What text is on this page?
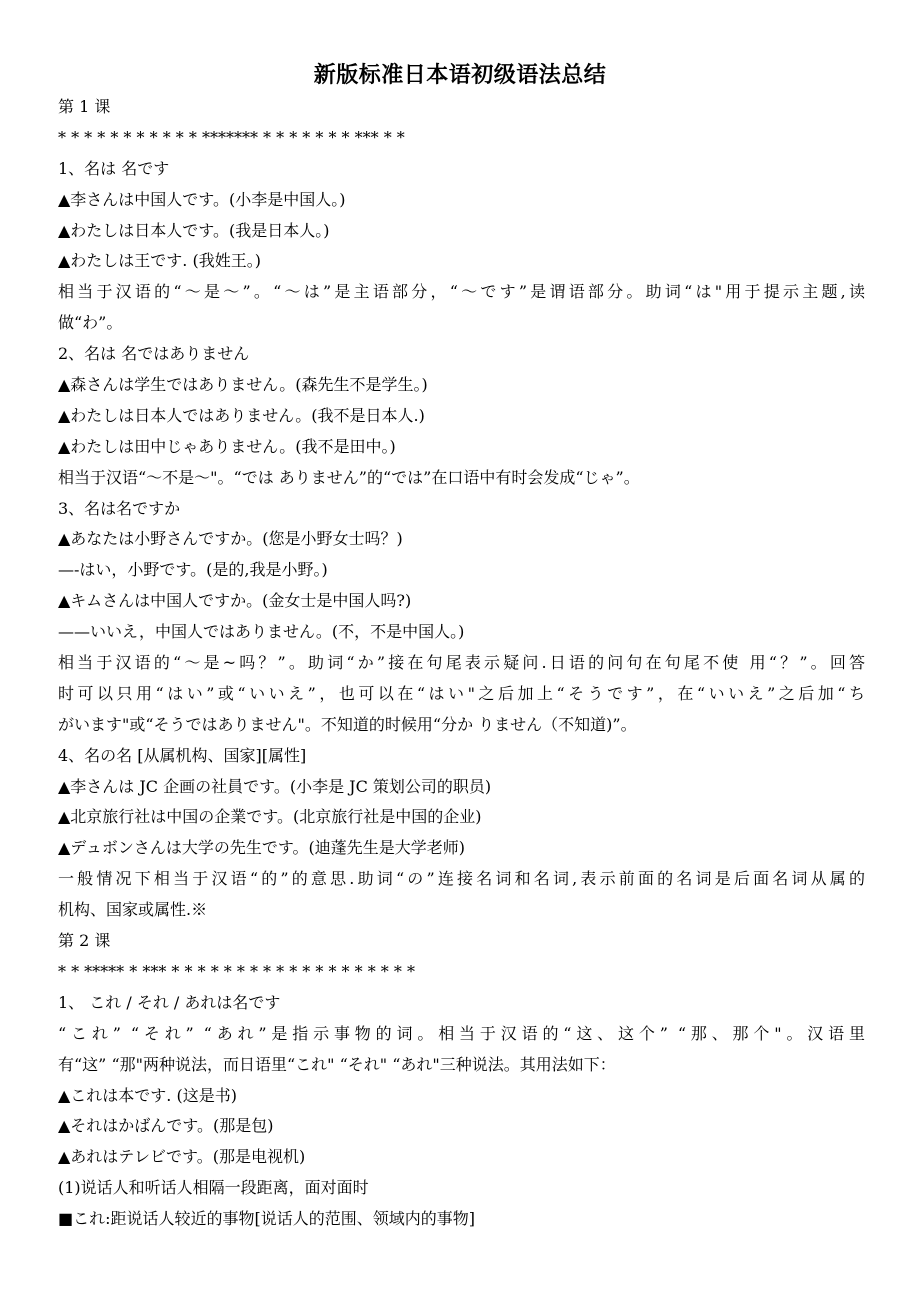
新版标准日本语初级语法总结
第 1 课
* * * * * * * * * * * ******* * * * * * * * *** * *
1、名は 名です
▲李さんは中国人です。(小李是中国人。)
▲わたしは日本人です。(我是日本人。)
▲わたしは王です. (我姓王。)
相当于汉语的“～是～”。“～は”是主语部分，“～です”是谓语部分。助词“は"用于提示主题,读
做“わ”。
2、名は 名ではありません
▲森さんは学生ではありません。(森先生不是学生。)
▲わたしは日本人ではありません。(我不是日本人.)
▲わたしは田中じゃありません。(我不是田中。)
相当于汉语“～不是～"。“では ありません”的“では”在口语中有时会发成“じゃ”。
3、名は名ですか
▲あなたは小野さんですか。(您是小野女士吗？)
—-はい，小野です。(是的,我是小野。)
▲キムさんは中国人ですか。(金女士是中国人吗?)
——いいえ，中国人ではありません。(不，不是中国人。)
相当于汉语的“～是~吗？”。助词“か”接在句尾表示疑问.日语的问句在句尾不使 用“？”。回答
时可以只用“はい”或“いいえ”，也可以在“はい"之后加上“そうです”，在“いいえ”之后加“ち
がいます"或“そうではありません"。不知道的时候用“分か りません（不知道)”。
4、名の名 [从属机构、国家][属性]
▲李さんは JC 企画の社員です。(小李是 JC 策划公司的职员)
▲北京旅行社は中国の企業です。(北京旅行社是中国的企业)
▲デュボンさんは大学の先生です。(迪蓬先生是大学老师)
一般情况下相当于汉语“的”的意思.助词“の”连接名词和名词,表示前面的名词是后面名词从属的
机构、国家或属性.※
第 2 课
* * ***** * *** * * * * * * * * * * * * * * * * * * *
1、 これ / それ / あれは名です
“これ” “それ” “あれ”是指示事物的词。相当于汉语的“这、这个” “那、那个"。汉语里
有“这” “那"两种说法，而日语里“これ" “それ" “あれ"三种说法。其用法如下：
▲これは本です. (这是书)
▲それはかばんです。(那是包)
▲あれはテレビです。(那是电视机)
(1)说话人和听话人相隔一段距离，面对面时
■これ:距说话人较近的事物[说话人的范围、领域内的事物]
